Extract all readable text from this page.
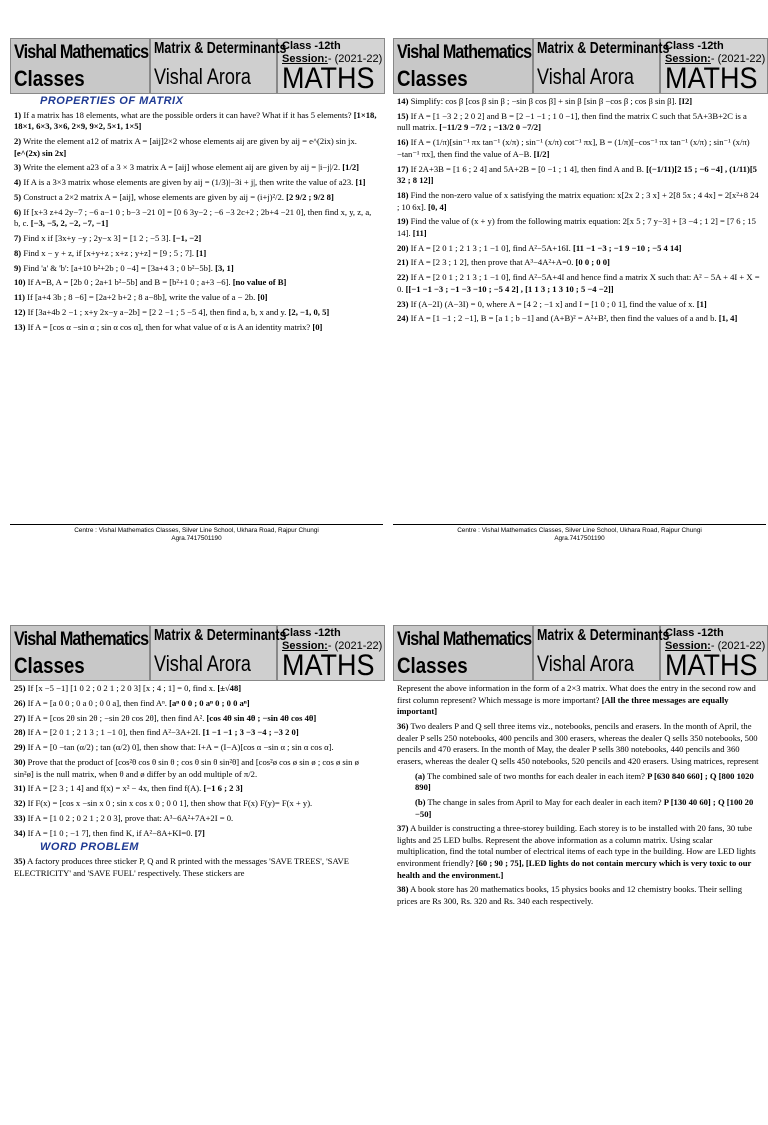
Vishal Mathematics
Classes
Matrix & Determinants
Vishal Arora
Class -12th
Session:- (2021-22)
MATHS
PROPERTIES OF MATRIX
1) If a matrix has 18 elements, what are the possible orders it can have? What if it has 5 elements? [1×18, 18×1, 6×3, 3×6, 2×9, 9×2, 5×1, 1×5]
2) Write the element a12 of matrix A = [aij]2×2 whose elements aij are given by aij = e^(2ix) sin jx. [e^(2x) sin 2x]
3) Write the element a23 of a 3 × 3 matrix A = [aij] whose element aij are given by aij = |i−j|/2. [1/2]
4) If A is a 3×3 matrix whose elements are given by aij = (1/3)|−3i + j|, then write the value of a23. [1]
5) Construct a 2×2 matrix A = [aij], whose elements are given by aij = (i+j)²/2. [2 9/2 ; 9/2 8]
6) If [x+3 z+4 2y−7 ; −6 a−1 0 ; b−3 −21 0] = [0 6 3y−2 ; −6 −3 2c+2 ; 2b+4 −21 0], then find x, y, z, a, b, c. [−3, −5, 2, −2, −7, −1]
7) Find x if [3x+y −y ; 2y−x 3] = [1 2 ; −5 3]. [−1, −2]
8) Find x − y + z, if [x+y+z ; x+z ; y+z] = [9 ; 5 ; 7]. [1]
9) Find 'a' & 'b': [a+10 b²+2b ; 0 −4] = [3a+4 3 ; 0 b²−5b]. [3, 1]
10) If A=B, A = [2b 0 ; 2a+1 b²−5b] and B = [b²+1 0 ; a+3 −6]. [no value of B]
11) If [a+4 3b ; 8 −6] = [2a+2 b+2 ; 8 a−8b], write the value of a − 2b. [0]
12) If [3a+4b 2 −1 ; x+y 2x−y a−2b] = [2 2 −1 ; 5 −5 4], then find a, b, x and y. [2, −1, 0, 5]
13) If A = [cos α −sin α ; sin α cos α], then for what value of α is A an identity matrix? [0]
Centre : Vishal Mathematics Classes, Silver Line School, Ukhara Road, Rajpur Chungi
Agra.7417501190
Vishal Mathematics
Classes
Matrix & Determinants
Vishal Arora
Class -12th
Session:- (2021-22)
MATHS
14) Simplify: cos β [cos β sin β ; −sin β cos β] + sin β [sin β −cos β ; cos β sin β]. [I2]
15) If A = [1 −3 2 ; 2 0 2] and B = [2 −1 −1 ; 1 0 −1], then find the matrix C such that 5A+3B+2C is a null matrix. [−11/2 9 −7/2 ; −13/2 0 −7/2]
16) If A = (1/π)[sin⁻¹ πx tan⁻¹ (x/π) ; sin⁻¹ (x/π) cot⁻¹ πx], B = (1/π)[−cos⁻¹ πx tan⁻¹ (x/π) ; sin⁻¹ (x/π) −tan⁻¹ πx], then find the value of A−B. [I/2]
17) If 2A+3B = [1 6 ; 2 4] and 5A+2B = [0 −1 ; 1 4], then find A and B. [(−1/11)[2 15 ; −6 −4] , (1/11)[5 32 ; 8 12]]
18) Find the non-zero value of x satisfying the matrix equation: x[2x 2 ; 3 x] + 2[8 5x ; 4 4x] = 2[x²+8 24 ; 10 6x]. [0, 4]
19) Find the value of (x + y) from the following matrix equation: 2[x 5 ; 7 y−3] + [3 −4 ; 1 2] = [7 6 ; 15 14]. [11]
20) If A = [2 0 1 ; 2 1 3 ; 1 −1 0], find A²−5A+16I. [11 −1 −3 ; −1 9 −10 ; −5 4 14]
21) If A = [2 3 ; 1 2], then prove that A³−4A²+A=0. [0 0 ; 0 0]
22) If A = [2 0 1 ; 2 1 3 ; 1 −1 0], find A²−5A+4I and hence find a matrix X such that: A² − 5A + 4I + X = 0. [[−1 −1 −3 ; −1 −3 −10 ; −5 4 2] , [1 1 3 ; 1 3 10 ; 5 −4 −2]]
23) If (A−2I) (A−3I) = 0, where A = [4 2 ; −1 x] and I = [1 0 ; 0 1], find the value of x. [1]
24) If A = [1 −1 ; 2 −1], B = [a 1 ; b −1] and (A+B)² = A²+B², then find the values of a and b. [1, 4]
Centre : Vishal Mathematics Classes, Silver Line School, Ukhara Road, Rajpur Chungi
Agra.7417501190
Vishal Mathematics
Classes
Matrix & Determinants
Vishal Arora
Class -12th
Session:- (2021-22)
MATHS
25) If [x −5 −1] [1 0 2 ; 0 2 1 ; 2 0 3] [x ; 4 ; 1] = 0, find x. [±√48]
26) If A = [a 0 0 ; 0 a 0 ; 0 0 a], then find Aⁿ. [aⁿ 0 0 ; 0 aⁿ 0 ; 0 0 aⁿ]
27) If A = [cos 2θ sin 2θ ; −sin 2θ cos 2θ], then find A². [cos 4θ sin 4θ ; −sin 4θ cos 4θ]
28) If A = [2 0 1 ; 2 1 3 ; 1 −1 0], then find A²−3A+2I. [1 −1 −1 ; 3 −3 −4 ; −3 2 0]
29) If A = [0 −tan (α/2) ; tan (α/2) 0], then show that: I+A = (I−A)[cos α −sin α ; sin α cos α].
30) Prove that the product of [cos²θ cos θ sin θ ; cos θ sin θ sin²θ] and [cos²ø cos ø sin ø ; cos ø sin ø sin²ø] is the null matrix, when θ and ø differ by an odd multiple of π/2.
31) If A = [2 3 ; 1 4] and f(x) = x² − 4x, then find f(A). [−1 6 ; 2 3]
32) If F(x) = [cos x −sin x 0 ; sin x cos x 0 ; 0 0 1], then show that F(x) F(y)= F(x + y).
33) If A = [1 0 2 ; 0 2 1 ; 2 0 3], prove that: A³−6A²+7A+2I = 0.
34) If A = [1 0 ; −1 7], then find K, if A²−8A+KI=0. [7]
WORD PROBLEM
35) A factory produces three sticker P, Q and R printed with the messages 'SAVE TREES', 'SAVE ELECTRICITY' and 'SAVE FUEL' respectively. These stickers are
Vishal Mathematics
Classes
Matrix & Determinants
Vishal Arora
Class -12th
Session:- (2021-22)
MATHS
Represent the above information in the form of a 2×3 matrix. What does the entry in the second row and first column represent? Which message is more important? [All the three messages are equally important]
36) Two dealers P and Q sell three items viz., notebooks, pencils and erasers. In the month of April, the dealer P sells 250 notebooks, 400 pencils and 300 erasers, whereas the dealer Q sells 350 notebooks, 500 pencils and 470 erasers. In the month of May, the dealer P sells 380 notebooks, 440 pencils and 360 erasers, whereas the dealer Q sells 450 notebooks, 520 pencils and 420 erasers. Using matrices, represent
(a) The combined sale of two months for each dealer in each item? P [630 840 660] ; Q [800 1020 890]
(b) The change in sales from April to May for each dealer in each item? P [130 40 60] ; Q [100 20 −50]
37) A builder is constructing a three-storey building. Each storey is to be installed with 20 fans, 30 tube lights and 25 LED bulbs. Represent the above information as a column matrix. Using scalar multiplication, find the total number of electrical items of each type in the building. How are LED lights environment friendly? [60 ; 90 ; 75], [LED lights do not contain mercury which is very toxic to our health and the environment.]
38) A book store has 20 mathematics books, 15 physics books and 12 chemistry books. Their selling prices are Rs 300, Rs. 320 and Rs. 340 each respectively.
